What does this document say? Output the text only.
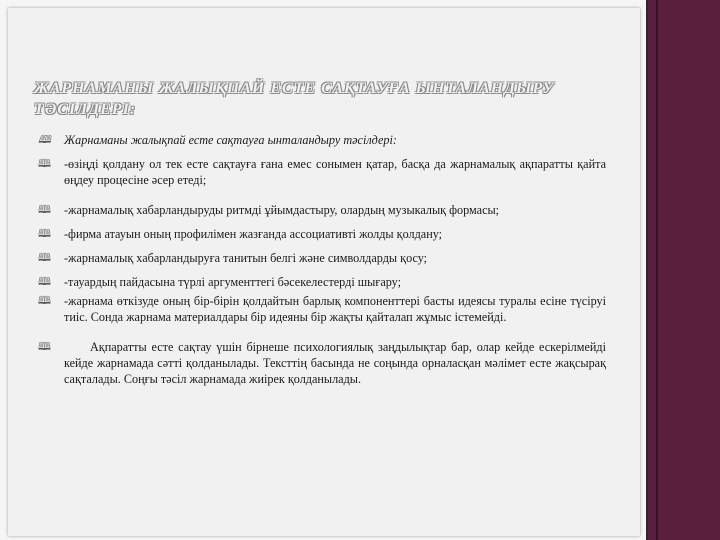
ЖАРНАМАНЫ ЖАЛЫҚПАЙ ЕСТЕ САҚТАУҒА ЫНТАЛАНДЫРУ ТӘСІЛДЕРІ:
🕮 Жарнаманы жалықпай есте сақтауға ынталандыру тәсілдері:
🕮 -өзіңді қолдану ол тек есте сақтауға ғана емес сонымен қатар, басқа да жарнамалық ақпаратты қайта өңдеу процесіне әсер етеді;
🕮 -жарнамалық хабарландыруды ритмді ұйымдастыру, олардың музыкалық формасы;
🕮 -фирма атауын оның профилімен жазғанда ассоциативті жолды қолдану;
🕮 -жарнамалық хабарландыруға танитын белгі және символдарды қосу;
🕮 -тауардың пайдасына түрлі аргументтегі бәсекелестерді шығару;
🕮 -жарнама өткізуде оның бір-бірін қолдайтын барлық компоненттері басты идеясы туралы есіне түсіруі тиіс. Сонда жарнама материалдары бір идеяны бір жақты қайталап жұмыс істемейді.
🕮	Ақпаратты есте сақтау үшін бірнеше психологиялық заңдылықтар бар, олар кейде ескерілмейді кейде жарнамада сәтті қолданылады. Тексттің басында не соңында орналасқан мәлімет есте жақсырақ сақталады. Соңғы тәсіл жарнамада жиірек қолданылады.
